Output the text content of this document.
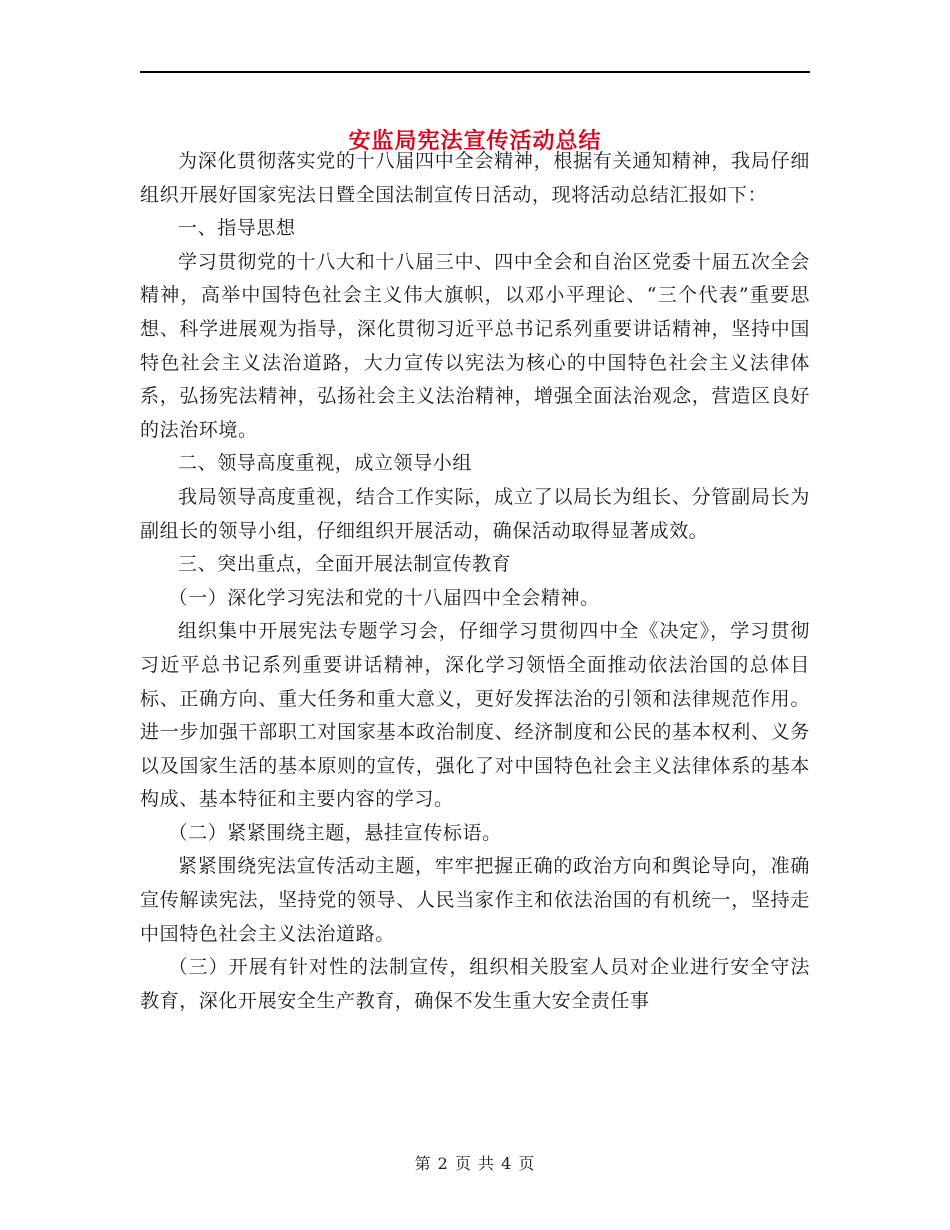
安监局宪法宣传活动总结

为深化贯彻落实党的十八届四中全会精神，根据有关通知精神，我局仔细组织开展好国家宪法日暨全国法制宣传日活动，现将活动总结汇报如下：

一、指导思想

学习贯彻党的十八大和十八届三中、四中全会和自治区党委十届五次全会精神，高举中国特色社会主义伟大旗帜，以邓小平理论、“三个代表”重要思想、科学进展观为指导，深化贯彻习近平总书记系列重要讲话精神，坚持中国特色社会主义法治道路，大力宣传以宪法为核心的中国特色社会主义法律体系，弘扬宪法精神，弘扬社会主义法治精神，增强全面法治观念，营造区良好的法治环境。

二、领导高度重视，成立领导小组

我局领导高度重视，结合工作实际，成立了以局长为组长、分管副局长为副组长的领导小组，仔细组织开展活动，确保活动取得显著成效。

三、突出重点，全面开展法制宣传教育

（一）深化学习宪法和党的十八届四中全会精神。

组织集中开展宪法专题学习会，仔细学习贯彻四中全《决定》，学习贯彻习近平总书记系列重要讲话精神，深化学习领悟全面推动依法治国的总体目标、正确方向、重大任务和重大意义，更好发挥法治的引领和法律规范作用。进一步加强干部职工对国家基本政治制度、经济制度和公民的基本权利、义务以及国家生活的基本原则的宣传，强化了对中国特色社会主义法律体系的基本构成、基本特征和主要内容的学习。

（二）紧紧围绕主题，悬挂宣传标语。

紧紧围绕宪法宣传活动主题，牢牢把握正确的政治方向和舆论导向，准确宣传解读宪法，坚持党的领导、人民当家作主和依法治国的有机统一，坚持走中国特色社会主义法治道路。

（三）开展有针对性的法制宣传，组织相关股室人员对企业进行安全守法教育，深化开展安全生产教育，确保不发生重大安全责任事

第 2 页 共 4 页
